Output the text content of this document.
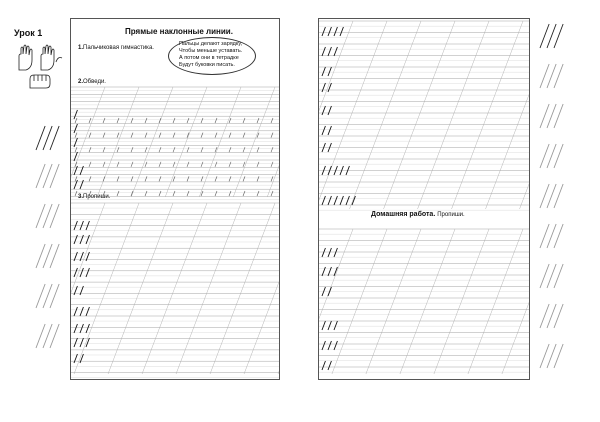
Урок 1	Прямые наклонные линии.
1.Пальчиковая гимнастика.
Пальцы делают зарядку,
Чтобы меньше уставать.
А потом они в тетрадке
Будут буковки писать.
2.Обведи.
3.Пропиши.
Домашняя работа. Пропиши.
